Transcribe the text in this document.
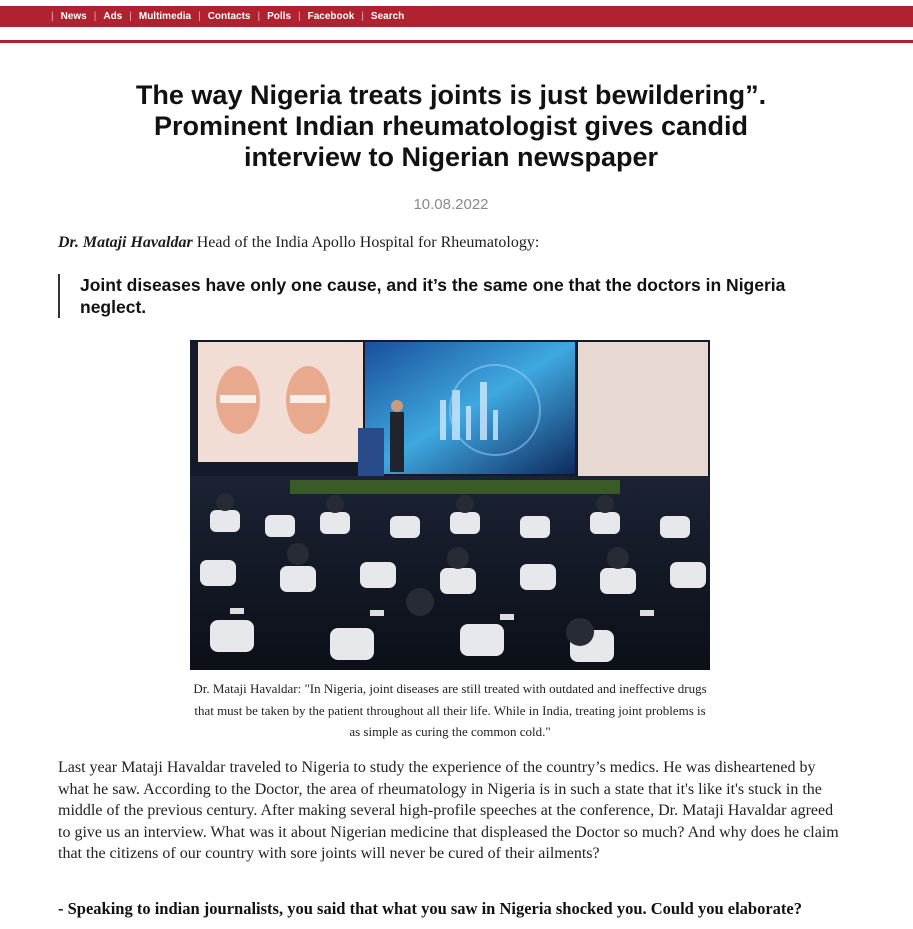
| News | Ads | Multimedia | Contacts | Polls | Facebook | Search
The way Nigeria treats joints is just bewildering”. Prominent Indian rheumatologist gives candid interview to Nigerian newspaper
10.08.2022
Dr. Mataji Havaldar Head of the India Apollo Hospital for Rheumatology:
Joint diseases have only one cause, and it’s the same one that the doctors in Nigeria neglect.
Dr. Mataji Havaldar: "In Nigeria, joint diseases are still treated with outdated and ineffective drugs that must be taken by the patient throughout all their life. While in India, treating joint problems is as simple as curing the common cold."

Last year Mataji Havaldar traveled to Nigeria to study the experience of the country’s medics. He was disheartened by what he saw. According to the Doctor, the area of rheumatology in Nigeria is in such a state that it's like it's stuck in the middle of the previous century. After making several high-profile speeches at the conference, Dr. Mataji Havaldar agreed to give us an interview. What was it about Nigerian medicine that displeased the Doctor so much? And why does he claim that the citizens of our country with sore joints will never be cured of their ailments?

- Speaking to indian journalists, you said that what you saw in Nigeria shocked you. Could you elaborate?
